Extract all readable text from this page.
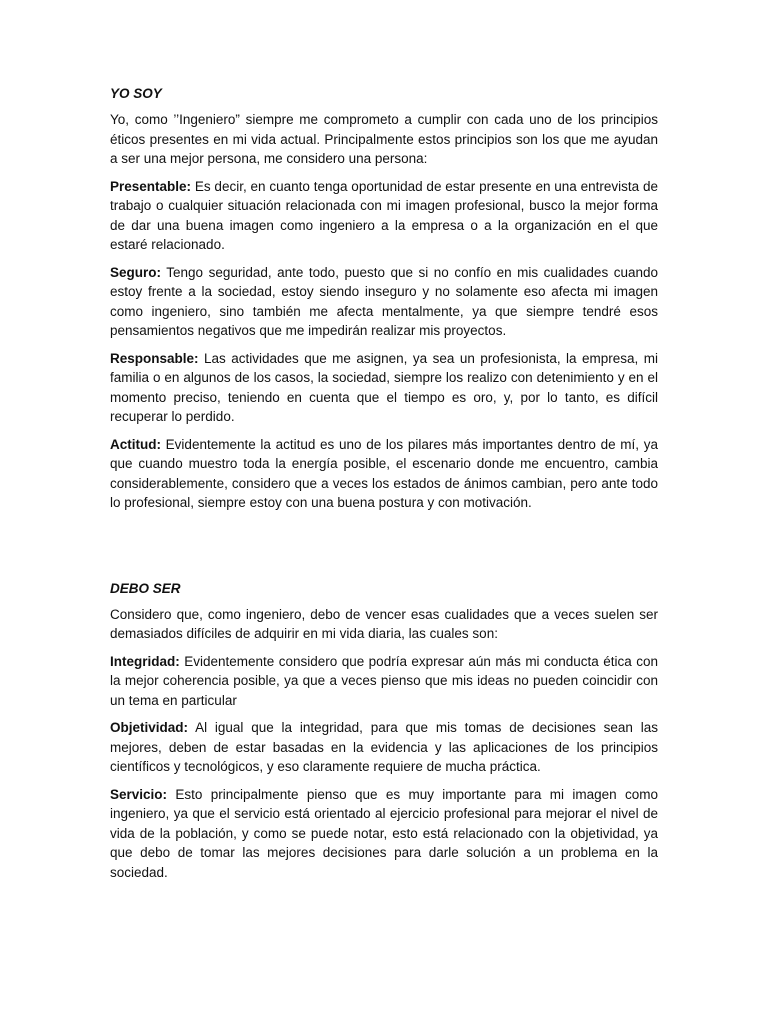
YO SOY

Yo, como ’’Ingeniero” siempre me comprometo a cumplir con cada uno de los principios éticos presentes en mi vida actual. Principalmente estos principios son los que me ayudan a ser una mejor persona, me considero una persona:

Presentable: Es decir, en cuanto tenga oportunidad de estar presente en una entrevista de trabajo o cualquier situación relacionada con mi imagen profesional, busco la mejor forma de dar una buena imagen como ingeniero a la empresa o a la organización en el que estaré relacionado.

Seguro: Tengo seguridad, ante todo, puesto que si no confío en mis cualidades cuando estoy frente a la sociedad, estoy siendo inseguro y no solamente eso afecta mi imagen como ingeniero, sino también me afecta mentalmente, ya que siempre tendré esos pensamientos negativos que me impedirán realizar mis proyectos.

Responsable: Las actividades que me asignen, ya sea un profesionista, la empresa, mi familia o en algunos de los casos, la sociedad, siempre los realizo con detenimiento y en el momento preciso, teniendo en cuenta que el tiempo es oro, y, por lo tanto, es difícil recuperar lo perdido.

Actitud: Evidentemente la actitud es uno de los pilares más importantes dentro de mí, ya que cuando muestro toda la energía posible, el escenario donde me encuentro, cambia considerablemente, considero que a veces los estados de ánimos cambian, pero ante todo lo profesional, siempre estoy con una buena postura y con motivación.

DEBO SER

Considero que, como ingeniero, debo de vencer esas cualidades que a veces suelen ser demasiados difíciles de adquirir en mi vida diaria, las cuales son:

Integridad: Evidentemente considero que podría expresar aún más mi conducta ética con la mejor coherencia posible, ya que a veces pienso que mis ideas no pueden coincidir con un tema en particular

Objetividad: Al igual que la integridad, para que mis tomas de decisiones sean las mejores, deben de estar basadas en la evidencia y las aplicaciones de los principios científicos y tecnológicos, y eso claramente requiere de mucha práctica.

Servicio: Esto principalmente pienso que es muy importante para mi imagen como ingeniero, ya que el servicio está orientado al ejercicio profesional para mejorar el nivel de vida de la población, y como se puede notar, esto está relacionado con la objetividad, ya que debo de tomar las mejores decisiones para darle solución a un problema en la sociedad.
